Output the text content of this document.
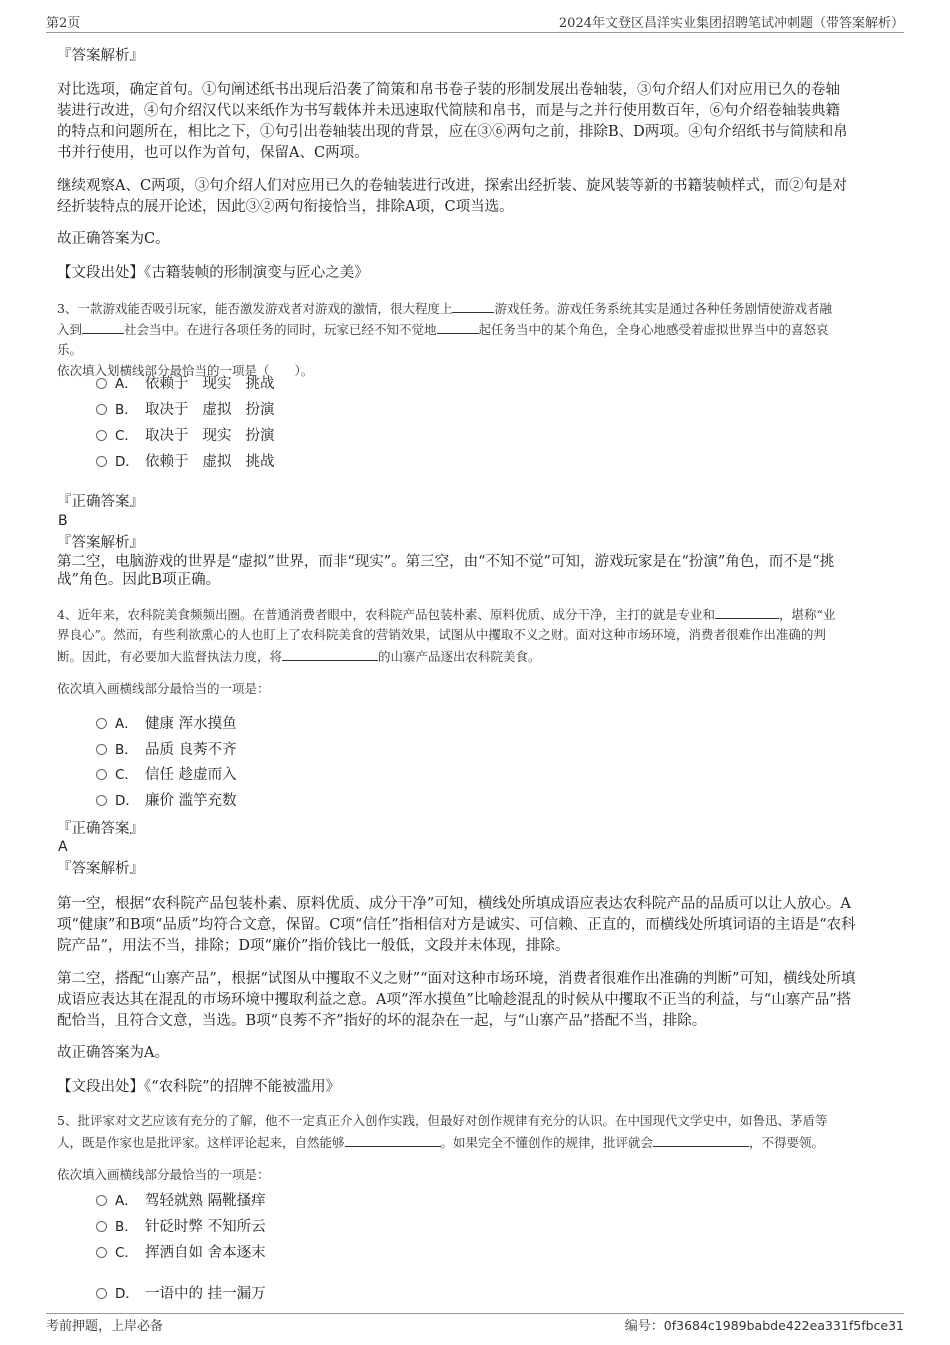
第2页	2024年文登区昌洋实业集团招聘笔试冲刺题（带答案解析）

『答案解析』

对比选项，确定首句。①句阐述纸书出现后沿袭了简策和帛书卷子装的形制发展出卷轴装，③句介绍人们对应用已久的卷轴

装进行改进，④句介绍汉代以来纸作为书写载体并未迅速取代简牍和帛书，而是与之并行使用数百年，⑥句介绍卷轴装典籍

的特点和问题所在，相比之下，①句引出卷轴装出现的背景，应在③⑥两句之前，排除B、D两项。④句介绍纸书与简牍和帛

书并行使用，也可以作为首句，保留A、C两项。

继续观察A、C两项，③句介绍人们对应用已久的卷轴装进行改进，探索出经折装、旋风装等新的书籍装帧样式，而②句是对

经折装特点的展开论述，因此③②两句衔接恰当，排除A项，C项当选。

故正确答案为C。

【文段出处】《古籍装帧的形制演变与匠心之美》

3、一款游戏能否吸引玩家，能否激发游戏者对游戏的激情，很大程度上	游戏任务。游戏任务系统其实是通过各种任务剧情使游戏者融

入到	社会当中。在进行各项任务的同时，玩家已经不知不觉地	起任务当中的某个角色，全身心地感受着虚拟世界当中的喜怒哀

乐。

依次填入划横线部分最恰当的一项是（　　）。

A． 依赖于 现实 挑战
B． 取决于 虚拟 扮演
C． 取决于 现实 扮演
D． 依赖于 虚拟 挑战

『正确答案』

B

『答案解析』

第二空，电脑游戏的世界是“虚拟”世界，而非“现实”。第三空，由“不知不觉”可知，游戏玩家是在“扮演”角色，而不是“挑

战”角色。因此B项正确。

4、近年来，农科院美食频频出圈。在普通消费者眼中，农科院产品包装朴素、原料优质、成分干净，主打的就是专业和	，堪称“业

界良心”。然而，有些利欲熏心的人也盯上了农科院美食的营销效果，试图从中攫取不义之财。面对这种市场环境，消费者很难作出准确的判

断。因此，有必要加大监督执法力度，将	的山寨产品逐出农科院美食。

依次填入画横线部分最恰当的一项是：

A． 健康 浑水摸鱼
B． 品质 良莠不齐
C． 信任 趁虚而入
D． 廉价 滥竽充数

『正确答案』

A

『答案解析』

第一空，根据“农科院产品包装朴素、原料优质、成分干净”可知，横线处所填成语应表达农科院产品的品质可以让人放心。A

项“健康”和B项“品质”均符合文意，保留。C项“信任”指相信对方是诚实、可信赖、正直的，而横线处所填词语的主语是“农科

院产品”，用法不当，排除；D项“廉价”指价钱比一般低，文段并未体现，排除。

第二空，搭配“山寨产品”，根据“试图从中攫取不义之财”“面对这种市场环境，消费者很难作出准确的判断”可知，横线处所填

成语应表达其在混乱的市场环境中攫取利益之意。A项“浑水摸鱼”比喻趁混乱的时候从中攫取不正当的利益，与“山寨产品”搭

配恰当，且符合文意，当选。B项“良莠不齐”指好的坏的混杂在一起，与“山寨产品”搭配不当，排除。

故正确答案为A。

【文段出处】《“农科院”的招牌不能被滥用》

5、批评家对文艺应该有充分的了解，他不一定真正介入创作实践，但最好对创作规律有充分的认识。在中国现代文学史中，如鲁迅、茅盾等

人，既是作家也是批评家。这样评论起来，自然能够	。如果完全不懂创作的规律，批评就会	，不得要领。

依次填入画横线部分最恰当的一项是：

A． 驾轻就熟 隔靴搔痒
B． 针砭时弊 不知所云
C． 挥洒自如 舍本逐末
D． 一语中的 挂一漏万
考前押题，上岸必备	编号：0f3684c1989babde422ea331f5fbce31
